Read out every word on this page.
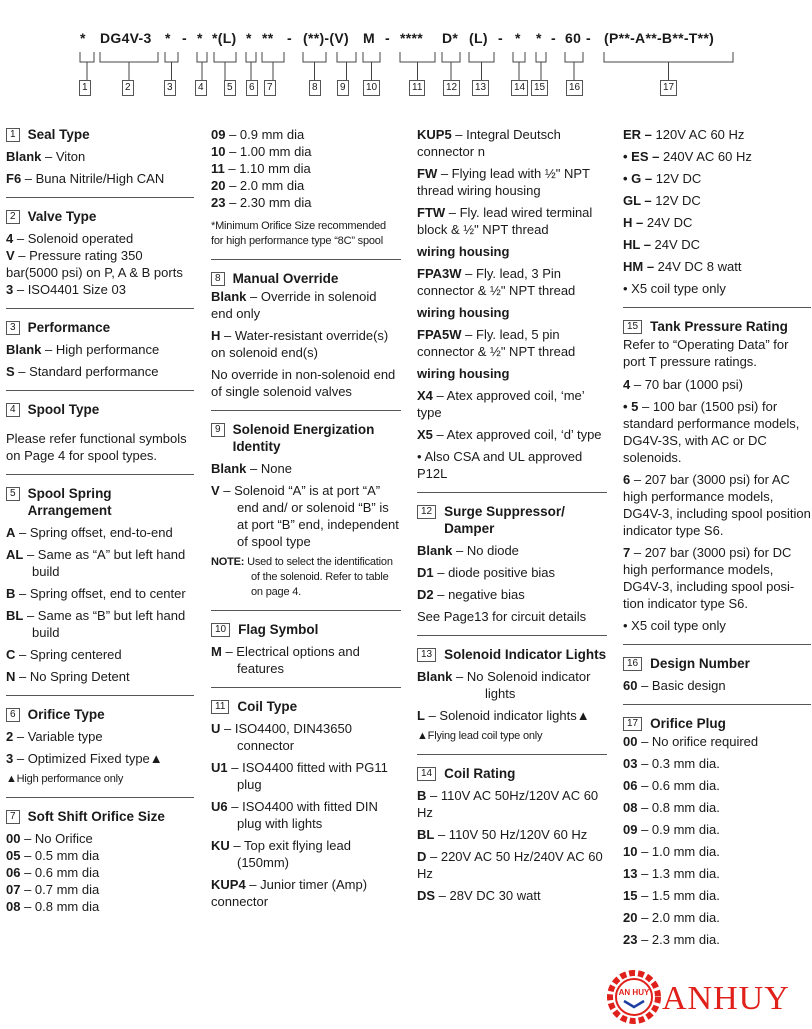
* DG4V-3 * - * *(L) * ** - (**)-(V) M - **** D* (L) - * * - 60 - (P**-A**-B**-T**)
1	2	3	4	5	6	7	8	9	10	11	12	13	14 15	16	17
1 Seal Type
Blank – Viton
F6 – Buna Nitrile/High CAN
2 Valve Type
4 – Solenoid operated
V – Pressure rating 350 bar(5000 psi) on P, A & B ports
3 – ISO4401 Size 03
3 Performance
Blank – High performance
S – Standard performance
4 Spool Type
Please refer functional symbols on Page 4 for spool types.
5 Spool Spring Arrangement
A – Spring offset, end-to-end
AL – Same as “A” but left hand build
B – Spring offset, end to center
BL – Same as “B” but left hand build
C – Spring centered
N – No Spring Detent
6 Orifice Type
2 – Variable type
3 – Optimized Fixed type▲
▲High performance only
7 Soft Shift Orifice Size
00 – No Orifice
05 – 0.5 mm dia
06 – 0.6 mm dia
07 – 0.7 mm dia
08 – 0.8 mm dia
09 – 0.9 mm dia
10 – 1.00 mm dia
11 – 1.10 mm dia
20 – 2.0 mm dia
23 – 2.30 mm dia
*Minimum Orifice Size recommended for high performance type “8C” spool
8 Manual Override
Blank – Override in solenoid end only
H – Water-resistant override(s) on solenoid end(s)
No override in non-solenoid end of single solenoid valves
9 Solenoid Energization Identity
Blank – None
V – Solenoid “A” is at port “A” end and/ or solenoid “B” is at port “B” end, independent of spool type
NOTE: Used to select the identification of the solenoid. Refer to table on page 4.
10 Flag Symbol
M – Electrical options and features
11 Coil Type
U – ISO4400, DIN43650 connector
U1 – ISO4400 fitted with PG11 plug
U6 – ISO4400 with fitted DIN plug with lights
KU – Top exit flying lead (150mm)
KUP4 – Junior timer (Amp) connector
KUP5 – Integral Deutsch connector n
FW – Flying lead with ½" NPT thread wiring housing
FTW – Fly. lead wired terminal block & ½" NPT thread
wiring housing
FPA3W – Fly. lead, 3 Pin connector & ½" NPT thread
wiring housing
FPA5W – Fly. lead, 5 pin connector & ½" NPT thread
wiring housing
X4 – Atex approved coil, ‘me’ type
X5 – Atex approved coil, ‘d’ type
• Also CSA and UL approved P12L
12 Surge Suppressor/ Damper
Blank – No diode
D1 – diode positive bias
D2 – negative bias
See Page13 for circuit details
13 Solenoid Indicator Lights
Blank – No Solenoid indicator lights
L – Solenoid indicator lights▲
▲Flying lead coil type only
14 Coil Rating
B – 110V AC 50Hz/120V AC 60 Hz
BL – 110V 50 Hz/120V 60 Hz
D – 220V AC 50 Hz/240V AC 60 Hz
DS – 28V DC 30 watt
ER – 120V AC 60 Hz
• ES – 240V AC 60 Hz
• G – 12V DC
GL – 12V DC
H – 24V DC
HL – 24V DC
HM – 24V DC 8 watt
• X5 coil type only
15 Tank Pressure Rating
Refer to “Operating Data” for port T pressure ratings.
4 – 70 bar (1000 psi)
• 5 – 100 bar (1500 psi) for standard performance models, DG4V-3S, with AC or DC solenoids.
6 – 207 bar (3000 psi) for AC high performance models, DG4V-3, including spool position indicator type S6.
7 – 207 bar (3000 psi) for DC high performance models, DG4V-3, including spool posi-tion indicator type S6.
• X5 coil type only
16 Design Number
60 – Basic design
17 Orifice Plug
00 – No orifice required
03 – 0.3 mm dia.
06 – 0.6 mm dia.
08 – 0.8 mm dia.
09 – 0.9 mm dia.
10 – 1.0 mm dia.
13 – 1.3 mm dia.
15 – 1.5 mm dia.
20 – 2.0 mm dia.
23 – 2.3 mm dia.
AN HUY ANHUY
